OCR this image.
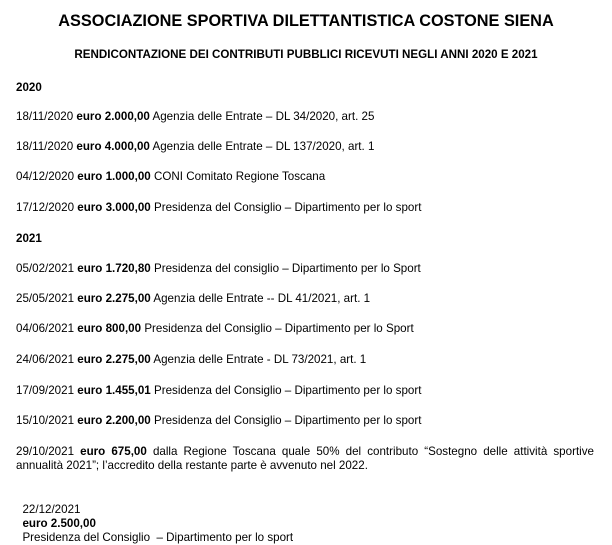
ASSOCIAZIONE SPORTIVA DILETTANTISTICA COSTONE SIENA
RENDICONTAZIONE DEI CONTRIBUTI PUBBLICI RICEVUTI NEGLI ANNI 2020 E 2021
2020
18/11/2020 euro 2.000,00 Agenzia delle Entrate – DL 34/2020, art. 25
18/11/2020 euro 4.000,00 Agenzia delle Entrate – DL 137/2020, art. 1
04/12/2020 euro 1.000,00 CONI Comitato Regione Toscana
17/12/2020 euro 3.000,00 Presidenza del Consiglio – Dipartimento per lo sport
2021
05/02/2021 euro 1.720,80 Presidenza del consiglio – Dipartimento per lo Sport
25/05/2021 euro 2.275,00 Agenzia delle Entrate -- DL 41/2021, art. 1
04/06/2021 euro 800,00 Presidenza del Consiglio – Dipartimento per lo Sport
24/06/2021 euro 2.275,00 Agenzia delle Entrate - DL 73/2021, art. 1
17/09/2021 euro 1.455,01 Presidenza del Consiglio – Dipartimento per lo sport
15/10/2021 euro 2.200,00 Presidenza del Consiglio – Dipartimento per lo sport
29/10/2021 euro 675,00 dalla Regione Toscana quale 50% del contributo “Sostegno delle attività sportive annualità 2021”; l’accredito della restante parte è avvenuto nel 2022.

22/12/2021
euro 2.500,00
Presidenza del Consiglio  – Dipartimento per lo sport
